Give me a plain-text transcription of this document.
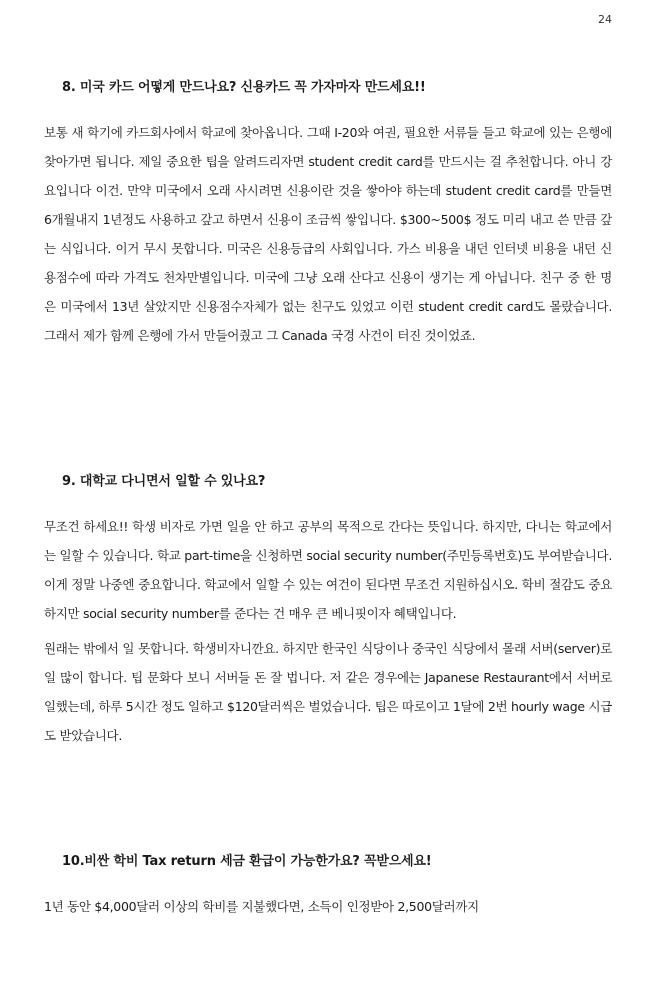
24
8. 미국 카드 어떻게 만드나요? 신용카드 꼭 가자마자 만드세요!!

보통 새 학기에 카드회사에서 학교에 찾아옵니다. 그때 I-20와 여권, 필요한 서류들 들고 학교에 있는 은행에 찾아가면 됩니다. 제일 중요한 팁을 알려드리자면 student credit card를 만드시는 걸 추천합니다. 아니 강요입니다 이건. 만약 미국에서 오래 사시려면 신용이란 것을 쌓아야 하는데 student credit card를 만들면 6개월내지 1년정도 사용하고 갚고 하면서 신용이 조금씩 쌓입니다. $300~500$ 정도 미리 내고 쓴 만큼 갚는 식입니다. 이거 무시 못합니다. 미국은 신용등급의 사회입니다. 가스 비용을 내던 인터넷 비용을 내던 신용점수에 따라 가격도 천차만별입니다. 미국에 그냥 오래 산다고 신용이 생기는 게 아닙니다. 친구 중 한 명은 미국에서 13년 살았지만 신용점수자체가 없는 친구도 있었고 이런 student credit card도 몰랐습니다. 그래서 제가 함께 은행에 가서 만들어줬고 그 Canada 국경 사건이 터진 것이었죠.

9. 대학교 다니면서 일할 수 있나요?

무조건 하세요!! 학생 비자로 가면 일을 안 하고 공부의 목적으로 간다는 뜻입니다. 하지만, 다니는 학교에서는 일할 수 있습니다. 학교 part-time을 신청하면 social security number(주민등록번호)도 부여받습니다. 이게 정말 나중엔 중요합니다. 학교에서 일할 수 있는 여건이 된다면 무조건 지원하십시오. 학비 절감도 중요하지만 social security number를 준다는 건 매우 큰 베니핏이자 혜택입니다.

원래는 밖에서 일 못합니다. 학생비자니깐요. 하지만 한국인 식당이나 중국인 식당에서 몰래 서버(server)로 일 많이 합니다. 팁 문화다 보니 서버들 돈 잘 법니다. 저 같은 경우에는 Japanese Restaurant에서 서버로 일했는데, 하루 5시간 정도 일하고 $120달러씩은 벌었습니다. 팁은 따로이고 1달에 2번 hourly wage 시급도 받았습니다.

10.비싼 학비 Tax return 세금 환급이 가능한가요? 꼭받으세요!

1년 동안 $4,000달러 이상의 학비를 지불했다면, 소득이 인정받아 2,500달러까지
